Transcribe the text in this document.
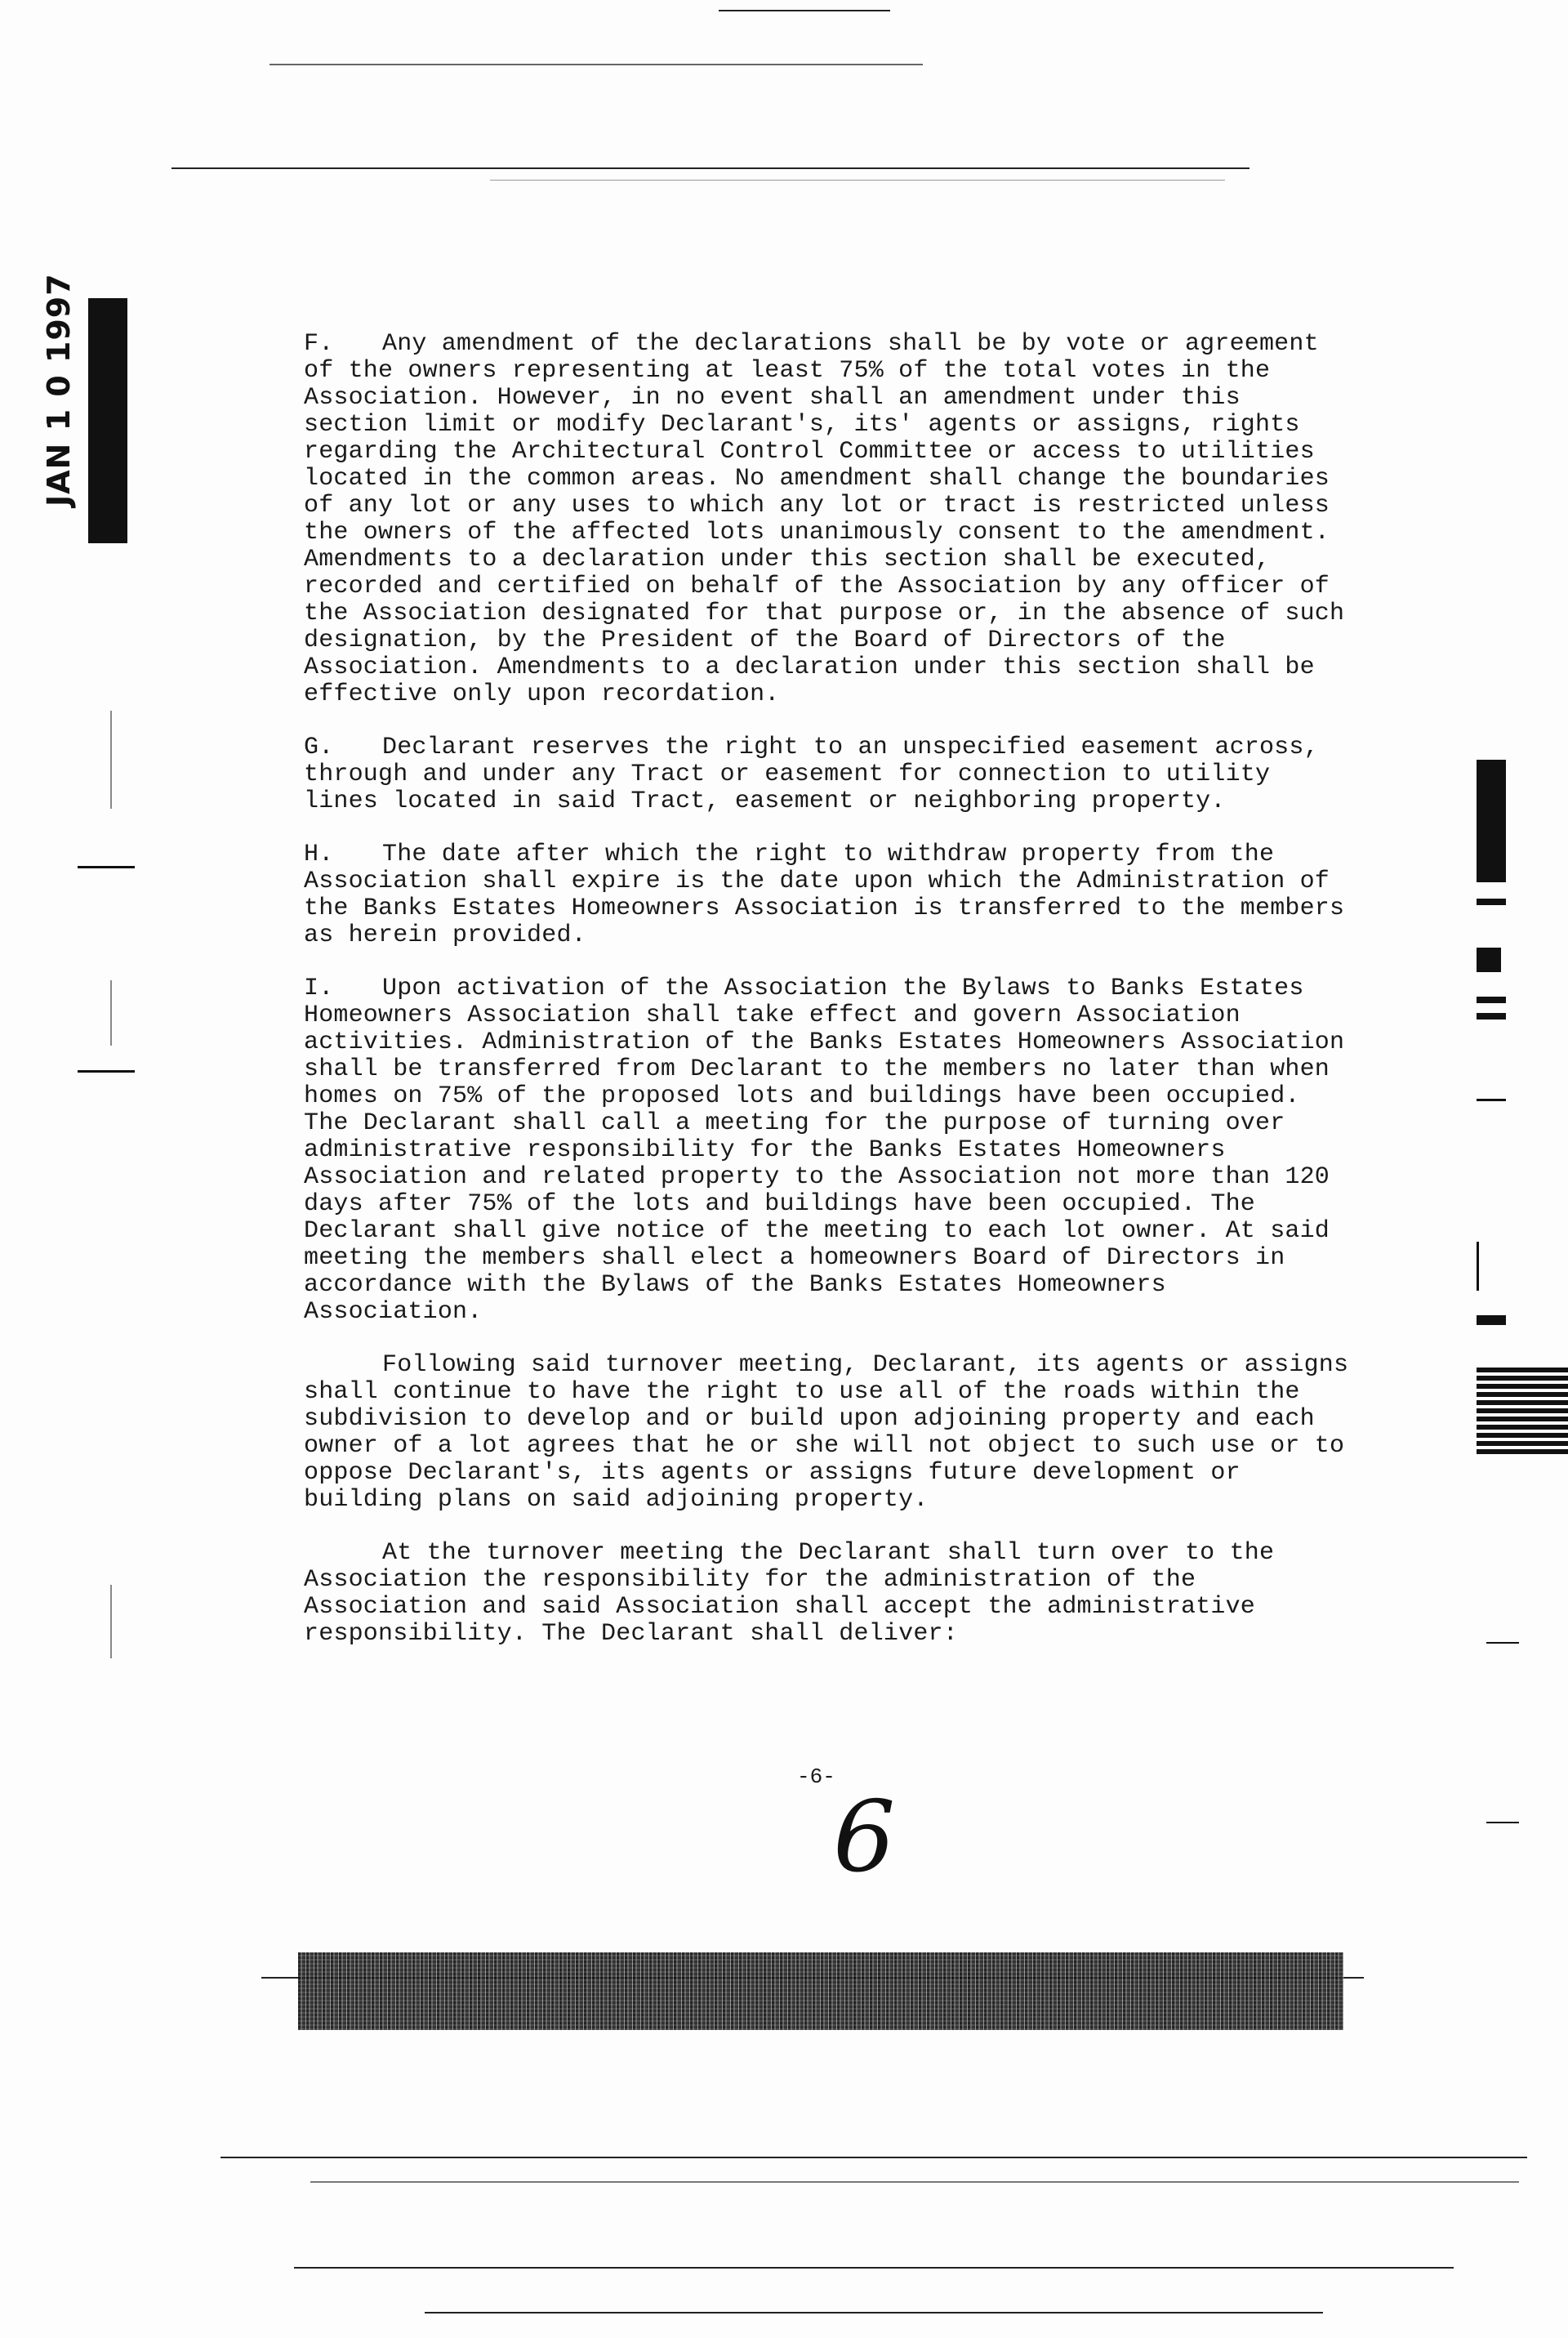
JAN 1 0 1997	F. Any amendment of the declarations shall be by vote or agreement of the owners representing at least 75% of the total votes in the Association. However, in no event shall an amendment under this section limit or modify Declarant's, its' agents or assigns, rights regarding the Architectural Control Committee or access to utilities located in the common areas. No amendment shall change the boundaries of any lot or any uses to which any lot or tract is restricted unless the owners of the affected lots unanimously consent to the amendment. Amendments to a declaration under this section shall be executed, recorded and certified on behalf of the Association by any officer of the Association designated for that purpose or, in the absence of such designation, by the President of the Board of Directors of the Association. Amendments to a declaration under this section shall be effective only upon recordation.

G. Declarant reserves the right to an unspecified easement across, through and under any Tract or easement for connection to utility lines located in said Tract, easement or neighboring property.

H. The date after which the right to withdraw property from the Association shall expire is the date upon which the Administration of the Banks Estates Homeowners Association is transferred to the members as herein provided.

I. Upon activation of the Association the Bylaws to Banks Estates Homeowners Association shall take effect and govern Association activities. Administration of the Banks Estates Homeowners Association shall be transferred from Declarant to the members no later than when homes on 75% of the proposed lots and buildings have been occupied. The Declarant shall call a meeting for the purpose of turning over administrative responsibility for the Banks Estates Homeowners Association and related property to the Association not more than 120 days after 75% of the lots and buildings have been occupied. The Declarant shall give notice of the meeting to each lot owner. At said meeting the members shall elect a homeowners Board of Directors in accordance with the Bylaws of the Banks Estates Homeowners Association.

Following said turnover meeting, Declarant, its agents or assigns shall continue to have the right to use all of the roads within the subdivision to develop and or build upon adjoining property and each owner of a lot agrees that he or she will not object to such use or to oppose Declarant's, its agents or assigns future development or building plans on said adjoining property.

At the turnover meeting the Declarant shall turn over to the Association the responsibility for the administration of the Association and said Association shall accept the administrative responsibility. The Declarant shall deliver:

-6-
6
